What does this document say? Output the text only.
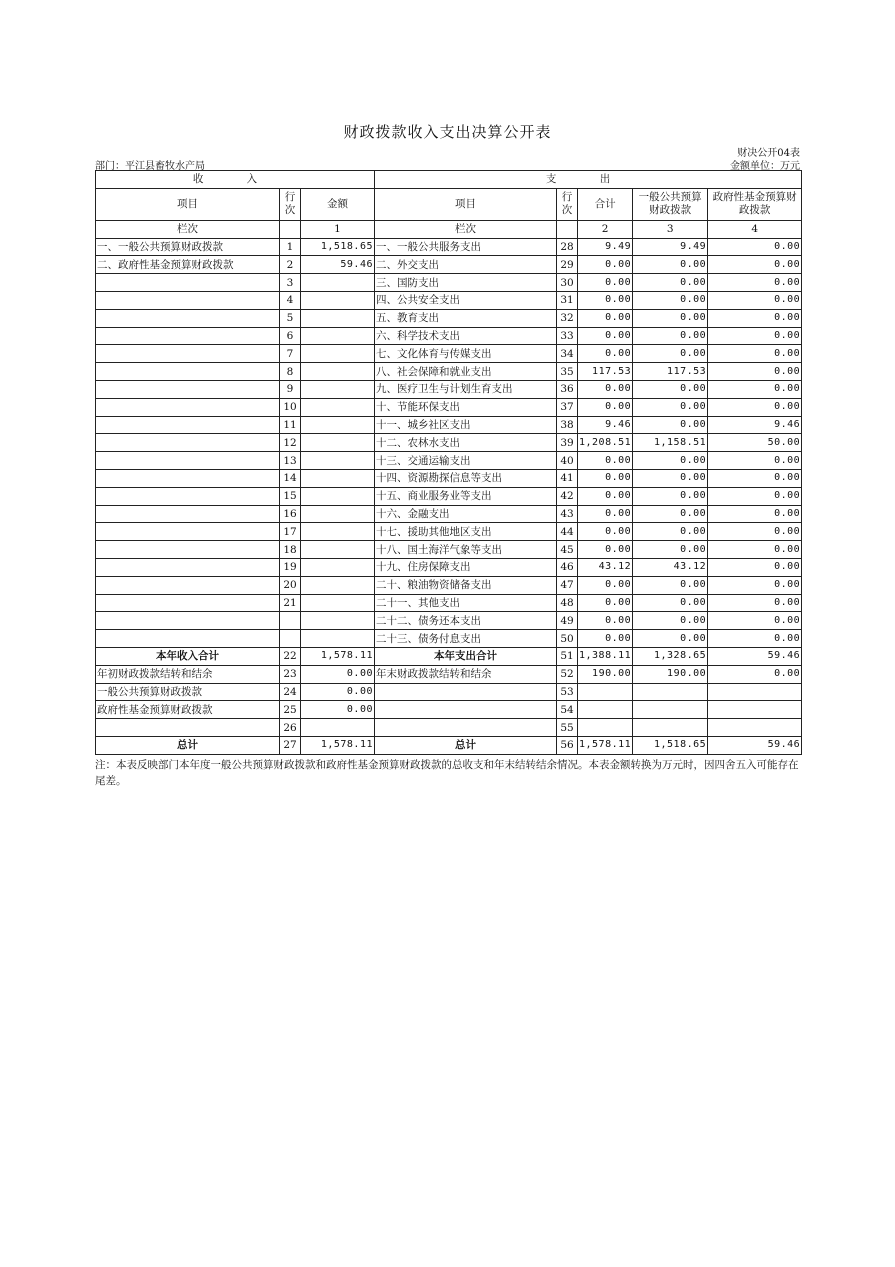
财政拨款收入支出决算公开表
财决公开04表
部门：平江县畜牧水产局	金额单位：万元
收 入			支 出				
项目	行次	金额	项目	行次	合计	一般公共预算财政拨款	政府性基金预算财政拨款
栏次		1	栏次		2	3	4
一、一般公共预算财政拨款	1	1,518.65	一、一般公共服务支出	28	9.49	9.49	0.00
二、政府性基金预算财政拨款	2	59.46	二、外交支出	29	0.00	0.00	0.00
	3		三、国防支出	30	0.00	0.00	0.00
	4		四、公共安全支出	31	0.00	0.00	0.00
	5		五、教育支出	32	0.00	0.00	0.00
	6		六、科学技术支出	33	0.00	0.00	0.00
	7		七、文化体育与传媒支出	34	0.00	0.00	0.00
	8		八、社会保障和就业支出	35	117.53	117.53	0.00
	9		九、医疗卫生与计划生育支出	36	0.00	0.00	0.00
	10		十、节能环保支出	37	0.00	0.00	0.00
	11		十一、城乡社区支出	38	9.46	0.00	9.46
	12		十二、农林水支出	39	1,208.51	1,158.51	50.00
	13		十三、交通运输支出	40	0.00	0.00	0.00
	14		十四、资源勘探信息等支出	41	0.00	0.00	0.00
	15		十五、商业服务业等支出	42	0.00	0.00	0.00
	16		十六、金融支出	43	0.00	0.00	0.00
	17		十七、援助其他地区支出	44	0.00	0.00	0.00
	18		十八、国土海洋气象等支出	45	0.00	0.00	0.00
	19		十九、住房保障支出	46	43.12	43.12	0.00
	20		二十、粮油物资储备支出	47	0.00	0.00	0.00
	21		二十一、其他支出	48	0.00	0.00	0.00
			二十二、债务还本支出	49	0.00	0.00	0.00
			二十三、债务付息支出	50	0.00	0.00	0.00
本年收入合计	22	1,578.11	本年支出合计	51	1,388.11	1,328.65	59.46
年初财政拨款结转和结余	23	0.00	年末财政拨款结转和结余	52	190.00	190.00	0.00
一般公共预算财政拨款	24	0.00		53			
政府性基金预算财政拨款	25	0.00		54			
	26			55			
总计	27	1,578.11	总计	56	1,578.11	1,518.65	59.46
注：本表反映部门本年度一般公共预算财政拨款和政府性基金预算财政拨款的总收支和年末结转结余情况。本表金额转换为万元时，因四舍五入可能存在尾差。
